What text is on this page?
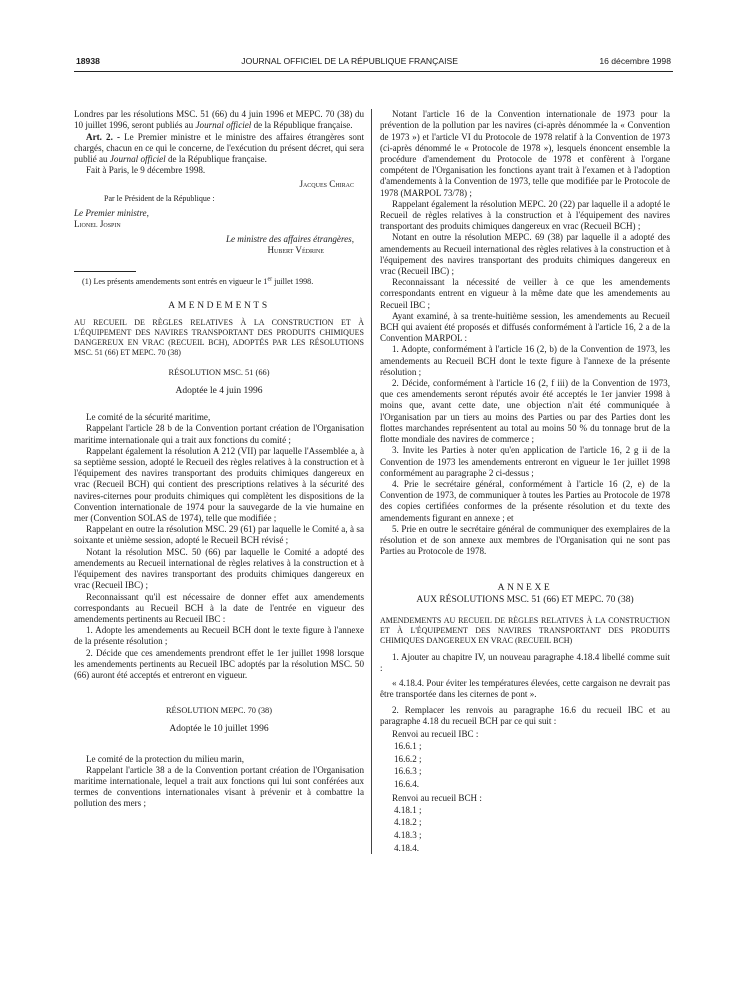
18938	JOURNAL OFFICIEL DE LA RÉPUBLIQUE FRANÇAISE	16 décembre 1998

Londres par les résolutions MSC. 51 (66) du 4 juin 1996 et MEPC. 70 (38) du 10 juillet 1996, seront publiés au Journal officiel de la République française.

Art. 2. - Le Premier ministre et le ministre des affaires étrangères sont chargés, chacun en ce qui le concerne, de l'exécution du présent décret, qui sera publié au Journal officiel de la République française.

Fait à Paris, le 9 décembre 1998.

Jacques Chirac
Par le Président de la République :
Le Premier ministre,
Lionel Jospin
Le ministre des affaires étrangères,
Hubert Védrine

(1) Les présents amendements sont entrés en vigueur le 1er juillet 1998.

AMENDEMENTS

AU RECUEIL DE RÈGLES RELATIVES À LA CONSTRUCTION ET À L'ÉQUIPEMENT DES NAVIRES TRANSPORTANT DES PRODUITS CHIMIQUES DANGEREUX EN VRAC (RECUEIL BCH), ADOPTÉS PAR LES RÉSOLUTIONS MSC. 51 (66) ET MEPC. 70 (38)

RÉSOLUTION MSC. 51 (66)
Adoptée le 4 juin 1996

Le comité de la sécurité maritime,

Rappelant l'article 28 b de la Convention portant création de l'Organisation maritime internationale qui a trait aux fonctions du comité ;

Rappelant également la résolution A 212 (VII) par laquelle l'Assemblée a, à sa septième session, adopté le Recueil des règles relatives à la construction et à l'équipement des navires transportant des produits chimiques dangereux en vrac (Recueil BCH) qui contient des prescriptions relatives à la sécurité des navires-citernes pour produits chimiques qui complètent les dispositions de la Convention internationale de 1974 pour la sauvegarde de la vie humaine en mer (Convention SOLAS de 1974), telle que modifiée ;

Rappelant en outre la résolution MSC. 29 (61) par laquelle le Comité a, à sa soixante et unième session, adopté le Recueil BCH révisé ;

Notant la résolution MSC. 50 (66) par laquelle le Comité a adopté des amendements au Recueil international de règles relatives à la construction et à l'équipement des navires transportant des produits chimiques dangereux en vrac (Recueil IBC) ;

Reconnaissant qu'il est nécessaire de donner effet aux amendements correspondants au Recueil BCH à la date de l'entrée en vigueur des amendements pertinents au Recueil IBC :

1. Adopte les amendements au Recueil BCH dont le texte figure à l'annexe de la présente résolution ;

2. Décide que ces amendements prendront effet le 1er juillet 1998 lorsque les amendements pertinents au Recueil IBC adoptés par la résolution MSC. 50 (66) auront été acceptés et entreront en vigueur.

RÉSOLUTION MEPC. 70 (38)
Adoptée le 10 juillet 1996

Le comité de la protection du milieu marin,

Rappelant l'article 38 a de la Convention portant création de l'Organisation maritime internationale, lequel a trait aux fonctions qui lui sont conférées aux termes de conventions internationales visant à prévenir et à combattre la pollution des mers ;

Notant l'article 16 de la Convention internationale de 1973 pour la prévention de la pollution par les navires (ci-après dénommée la « Convention de 1973 ») et l'article VI du Protocole de 1978 relatif à la Convention de 1973 (ci-après dénommé le « Protocole de 1978 »), lesquels énoncent ensemble la procédure d'amendement du Protocole de 1978 et confèrent à l'organe compétent de l'Organisation les fonctions ayant trait à l'examen et à l'adoption d'amendements à la Convention de 1973, telle que modifiée par le Protocole de 1978 (MARPOL 73/78) ;

Rappelant également la résolution MEPC. 20 (22) par laquelle il a adopté le Recueil de règles relatives à la construction et à l'équipement des navires transportant des produits chimiques dangereux en vrac (Recueil BCH) ;

Notant en outre la résolution MEPC. 69 (38) par laquelle il a adopté des amendements au Recueil international des règles relatives à la construction et à l'équipement des navires transportant des produits chimiques dangereux en vrac (Recueil IBC) ;

Reconnaissant la nécessité de veiller à ce que les amendements correspondants entrent en vigueur à la même date que les amendements au Recueil IBC ;

Ayant examiné, à sa trente-huitième session, les amendements au Recueil BCH qui avaient été proposés et diffusés conformément à l'article 16, 2 a de la Convention MARPOL :

1. Adopte, conformément à l'article 16 (2, b) de la Convention de 1973, les amendements au Recueil BCH dont le texte figure à l'annexe de la présente résolution ;

2. Décide, conformément à l'article 16 (2, f iii) de la Convention de 1973, que ces amendements seront réputés avoir été acceptés le 1er janvier 1998 à moins que, avant cette date, une objection n'ait été communiquée à l'Organisation par un tiers au moins des Parties ou par des Parties dont les flottes marchandes représentent au total au moins 50 % du tonnage brut de la flotte mondiale des navires de commerce ;

3. Invite les Parties à noter qu'en application de l'article 16, 2 g ii de la Convention de 1973 les amendements entreront en vigueur le 1er juillet 1998 conformément au paragraphe 2 ci-dessus ;

4. Prie le secrétaire général, conformément à l'article 16 (2, e) de la Convention de 1973, de communiquer à toutes les Parties au Protocole de 1978 des copies certifiées conformes de la présente résolution et du texte des amendements figurant en annexe ; et

5. Prie en outre le secrétaire général de communiquer des exemplaires de la résolution et de son annexe aux membres de l'Organisation qui ne sont pas Parties au Protocole de 1978.

ANNEXE
AUX RÉSOLUTIONS MSC. 51 (66) ET MEPC. 70 (38)

AMENDEMENTS AU RECUEIL DE RÈGLES RELATIVES À LA CONSTRUCTION ET À L'ÉQUIPEMENT DES NAVIRES TRANSPORTANT DES PRODUITS CHIMIQUES DANGEREUX EN VRAC (RECUEIL BCH)

1. Ajouter au chapitre IV, un nouveau paragraphe 4.18.4 libellé comme suit :

« 4.18.4. Pour éviter les températures élevées, cette cargaison ne devrait pas être transportée dans les citernes de pont ».

2. Remplacer les renvois au paragraphe 16.6 du recueil IBC et au paragraphe 4.18 du recueil BCH par ce qui suit :

Renvoi au recueil IBC :

16.6.1 ;
16.6.2 ;
16.6.3 ;
16.6.4.

Renvoi au recueil BCH :

4.18.1 ;
4.18.2 ;
4.18.3 ;
4.18.4.
